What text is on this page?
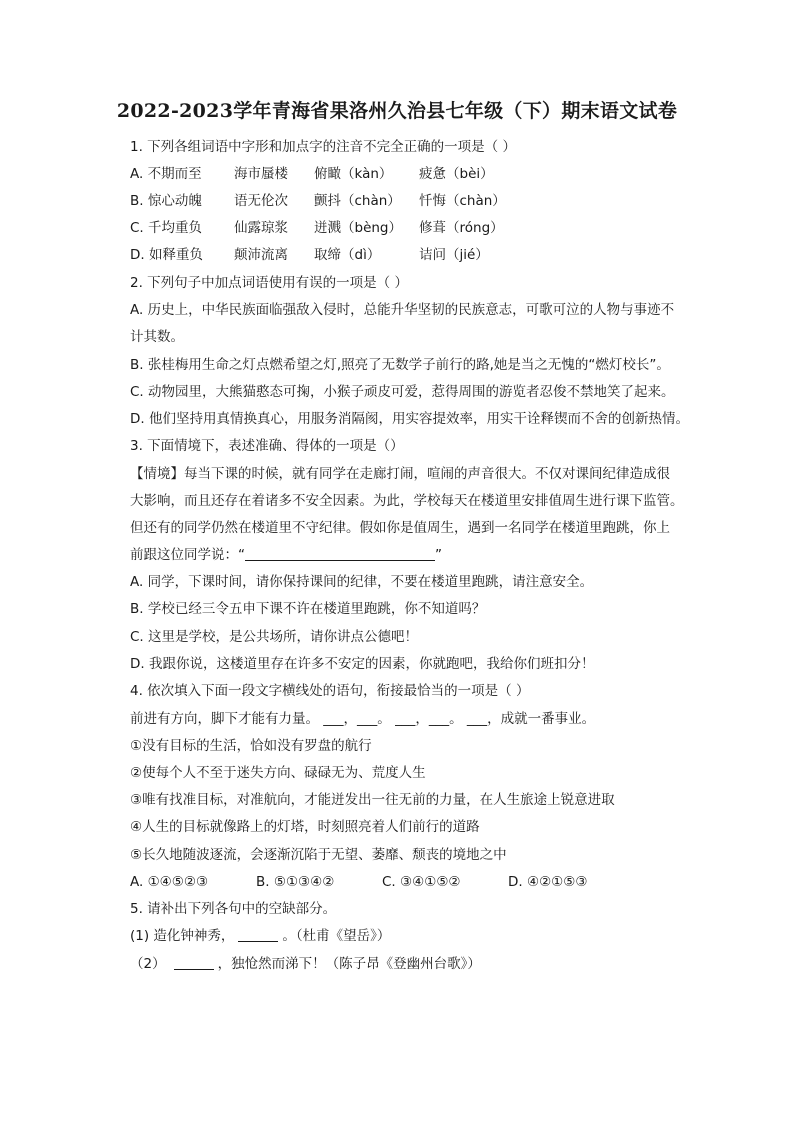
2022-2023学年青海省果洛州久治县七年级（下）期末语文试卷
1. 下列各组词语中字形和加点字的注音不完全正确的一项是（ ）
A. 不期而至 海市蜃楼 俯瞰（kàn） 疲惫（bèi）
B. 惊心动魄 语无伦次 颤抖（chàn） 忏悔（chàn）
C. 千均重负 仙露琼浆 迸溅（bèng） 修葺（róng）
D. 如释重负 颠沛流离 取缔（dì）	诘问（jié）
2. 下列句子中加点词语使用有误的一项是（ ）
A. 历史上，中华民族面临强敌入侵时，总能升华坚韧的民族意志，可歌可泣的人物与事迹不
计其数。
B. 张桂梅用生命之灯点燃希望之灯,照亮了无数学子前行的路,她是当之无愧的“燃灯校长”。
C. 动物园里，大熊猫憨态可掬，小猴子顽皮可爱，惹得周围的游览者忍俊不禁地笑了起来。
D. 他们坚持用真情换真心，用服务消隔阂，用实容提效率，用实干诠释锲而不舍的创新热情。
3. 下面情境下，表述准确、得体的一项是（）
【情境】每当下课的时候，就有同学在走廊打闹，喧闹的声音很大。不仅对课间纪律造成很
大影响，而且还存在着诸多不安全因素。为此，学校每天在楼道里安排值周生进行课下监管。
但还有的同学仍然在楼道里不守纪律。假如你是值周生，遇到一名同学在楼道里跑跳，你上
前跟这位同学说：“	”
A. 同学，下课时间，请你保持课间的纪律，不要在楼道里跑跳，请注意安全。
B. 学校已经三令五申下课不许在楼道里跑跳，你不知道吗？
C. 这里是学校，是公共场所，请你讲点公德吧！
D. 我跟你说，这楼道里存在许多不安定的因素，你就跑吧，我给你们班扣分！
4. 依次填入下面一段文字横线处的语句，衔接最恰当的一项是（ ）
前进有方向，脚下才能有力量。 ___，___。 ___，___。 ___，成就一番事业。
①没有目标的生活，恰如没有罗盘的航行
②使每个人不至于迷失方向、碌碌无为、荒度人生
③唯有找准目标，对准航向，才能迸发出一往无前的力量，在人生旅途上锐意进取
④人生的目标就像路上的灯塔，时刻照亮着人们前行的道路
⑤长久地随波逐流，会逐渐沉陷于无望、萎靡、颓丧的境地之中
A. ①④⑤②③	B. ⑤①③④②	C. ③④①⑤②	D. ④②①⑤③
5. 请补出下列各句中的空缺部分。
(1) 造化钟神秀，	。（杜甫《望岳》）
（2）	，独怆然而涕下！（陈子昂《登幽州台歌》）
